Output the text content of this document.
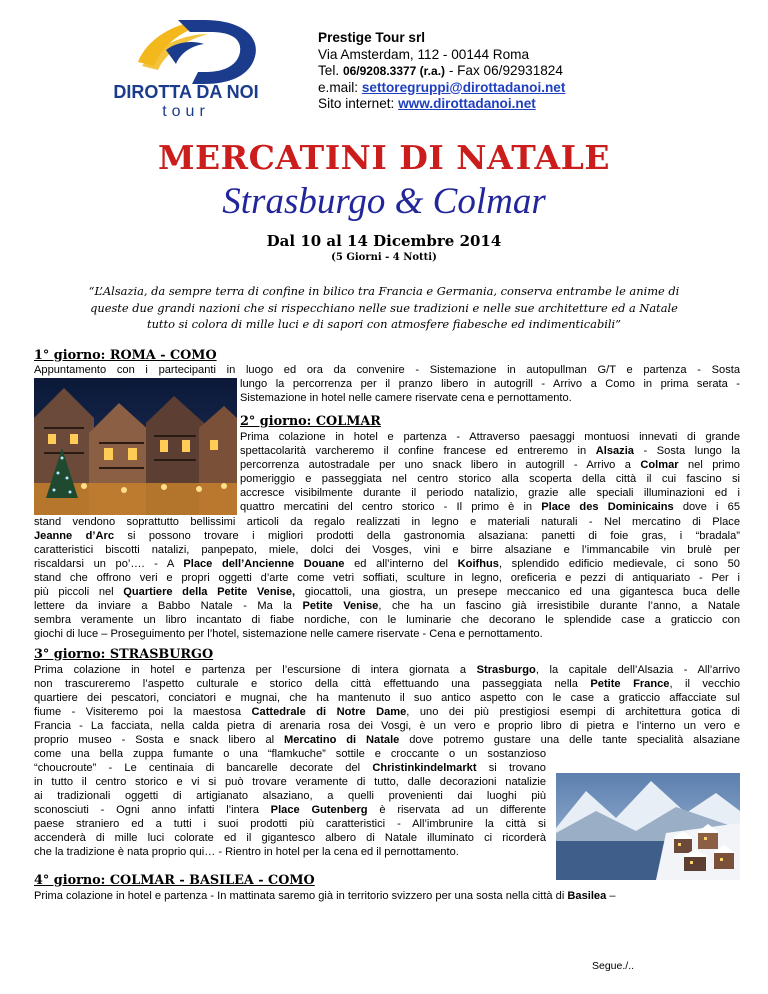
DIROTTA DA NOI
tour
Prestige Tour srl
Via Amsterdam, 112 - 00144 Roma
Tel. 06/9208.3377 (r.a.) - Fax 06/92931824
e.mail: settoregruppi@dirottadanoi.net
Sito internet: www.dirottadanoi.net
MERCATINI DI NATALE
Strasburgo & Colmar
Dal 10 al 14 Dicembre 2014
(5 Giorni - 4 Notti)
“L’Alsazia, da sempre terra di confine in bilico tra Francia e Germania, conserva entrambe le anime di
queste due grandi nazioni che si rispecchiano nelle sue tradizioni e nelle sue architetture ed a Natale
tutto si colora di mille luci e di sapori con atmosfere fiabesche ed indimenticabili”
1° giorno: ROMA - COMO
Appuntamento con i partecipanti in luogo ed ora da convenire - Sistemazione in autopullman G/T e partenza - Sosta
lungo la percorrenza per il pranzo libero in autogrill - Arrivo a Como in prima serata -
Sistemazione in hotel nelle camere riservate cena e pernottamento.
2° giorno: COLMAR
Prima colazione in hotel e partenza - Attraverso paesaggi montuosi innevati di grande
spettacolarità varcheremo il confine francese ed entreremo in Alsazia - Sosta lungo la
percorrenza autostradale per uno snack libero in autogrill - Arrivo a Colmar nel primo
pomeriggio e passeggiata nel centro storico alla scoperta della città il cui fascino si
accresce visibilmente durante il periodo natalizio, grazie alle speciali illuminazioni ed i
quattro mercatini del centro storico - Il primo è in Place des Dominicains dove i 65
stand vendono soprattutto bellissimi articoli da regalo realizzati in legno e materiali naturali - Nel mercatino di Place
Jeanne d’Arc si possono trovare i migliori prodotti della gastronomia alsaziana: panetti di foie gras, i “bradala”
caratteristici biscotti natalizi, panpepato, miele, dolci dei Vosges, vini e birre alsaziane e l’immancabile vin brulè per
riscaldarsi un po’…. - A Place dell’Ancienne Douane ed all’interno del Koifhus, splendido edificio medievale, ci sono 50
stand che offrono veri e propri oggetti d’arte come vetri soffiati, sculture in legno, oreficeria e pezzi di antiquariato - Per i
più piccoli nel Quartiere della Petite Venise, giocattoli, una giostra, un presepe meccanico ed una gigantesca buca delle
lettere da inviare a Babbo Natale - Ma la Petite Venise, che ha un fascino già irresistibile durante l’anno, a Natale
sembra veramente un libro incantato di fiabe nordiche, con le luminarie che decorano le splendide case a graticcio con
giochi di luce – Proseguimento per l’hotel, sistemazione nelle camere riservate - Cena e pernottamento.
3° giorno: STRASBURGO
Prima colazione in hotel e partenza per l’escursione di intera giornata a Strasburgo, la capitale dell’Alsazia - All’arrivo
non trascureremo l’aspetto culturale e storico della città effettuando una passeggiata nella Petite France, il vecchio
quartiere dei pescatori, conciatori e mugnai, che ha mantenuto il suo antico aspetto con le case a graticcio affacciate sul
fiume - Visiteremo poi la maestosa Cattedrale di Notre Dame, uno dei più prestigiosi esempi di architettura gotica di
Francia - La facciata, nella calda pietra di arenaria rosa dei Vosgi, è un vero e proprio libro di pietra e l’interno un vero e
proprio museo - Sosta e snack libero al Mercatino di Natale dove potremo gustare una delle tante specialità alsaziane
come una bella zuppa fumante o una “flamkuche” sottile e croccante o un sostanzioso
“choucroute” - Le centinaia di bancarelle decorate del Christinkindelmarkt si trovano
in tutto il centro storico e vi si può trovare veramente di tutto, dalle decorazioni natalizie
ai tradizionali oggetti di artigianato alsaziano, a quelli provenienti dai luoghi più
sconosciuti - Ogni anno infatti l’intera Place Gutenberg è riservata ad un differente
paese straniero ed a tutti i suoi prodotti più caratteristici - All’imbrunire la città si
accenderà di mille luci colorate ed il gigantesco albero di Natale illuminato ci ricorderà
che la tradizione è nata proprio qui… - Rientro in hotel per la cena ed il pernottamento.
4° giorno: COLMAR - BASILEA - COMO
Prima colazione in hotel e partenza - In mattinata saremo già in territorio svizzero per una sosta nella città di Basilea –
Segue./..
